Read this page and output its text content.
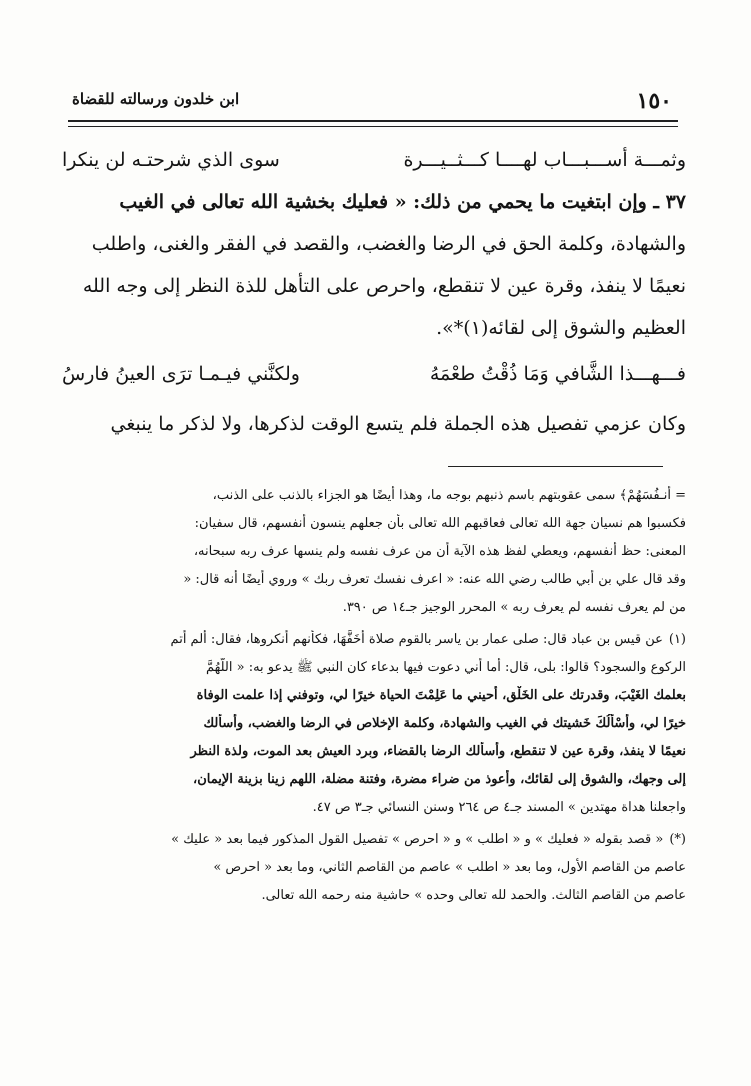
١٥٠
ابن خلدون ورسالته للقضاة
وثمـــة أســـبـــاب لهــــا كـــثــيـــرة
سوى الذي شرحتـه لن ينكرا
٣٧ ـ وإن ابتغيت ما يحمي من ذلك: « فعليك بخشية الله تعالى في الغيب
والشهادة، وكلمة الحق في الرضا والغضب، والقصد في الفقر والغنى، واطلب
نعيمًا لا ينفذ، وقرة عين لا تنقطع، واحرص على التأهل للذة النظر إلى وجه الله
العظيم والشوق إلى لقائه(١)*».
فـــهـــذا الشَّافي وَمَا ذُقْتُ طعْمَهُ
ولكنَّني فيـمـا ترَى العينُ فارسُ
وكان عزمي تفصيل هذه الجملة فلم يتسع الوقت لذكرها، ولا لذكر ما ينبغي
= أنـفُسَهُمْ﴾ سمى عقوبتهم باسم ذنبهم بوجه ما، وهذا أيضًا هو الجزاء بالذنب على الذنب،
فكسبوا هم نسيان جهة الله تعالى فعاقبهم الله تعالى بأن جعلهم ينسون أنفسهم، قال سفيان:
المعنى: حظ أنفسهم، ويعطي لفظ هذه الآية أن من عرف نفسه ولم ينسها عرف ربه سبحانه،
وقد قال علي بن أبي طالب رضي الله عنه: « اعرف نفسك تعرف ربك » وروي أيضًا أنه قال: «
من لم يعرف نفسه لم يعرف ربه » المحرر الوجيز جـ١٤ ص ٣٩٠.
(١)عن قيس بن عباد قال: صلى عمار بن ياسر بالقوم صلاة أَخَفَّهَا، فكأنهم أنكروها، فقال: ألم أتم
الركوع والسجود؟ قالوا: بلى، قال: أما أني دعوت فيها بدعاء كان النبي ﷺ يدعو به: « اللَّهُمَّ
بعلمك الغَيْبَ، وقدرتك على الخَلْق، أحيني ما عَلِمْتَ الحياة خيرًا لي، وتوفني إذا علمت الوفاة
خيرًا لي، وأَسْأَلُكَ خَشيتك في الغيب والشهادة، وكلمة الإخلاص في الرضا والغضب، وأسألك
نعيمًا لا ينفذ، وقرة عين لا تنقطع، وأسألك الرضا بالقضاء، وبرد العيش بعد الموت، ولذة النظر
إلى وجهك، والشوق إلى لقائك، وأعوذ من ضراء مضرة، وفتنة مضلة، اللهم زينا بزينة الإيمان،
واجعلنا هداة مهتدين » المسند جـ٤ ص ٢٦٤ وسنن النسائي جـ٣ ص ٤٧.
(*)« قصد بقوله « فعليك » و « اطلب » و « احرص » تفصيل القول المذكور فيما بعد « عليك »
عاصم من القاصم الأول، وما بعد « اطلب » عاصم من القاصم الثاني، وما بعد « احرص »
عاصم من القاصم الثالث. والحمد لله تعالى وحده » حاشية منه رحمه الله تعالى.
